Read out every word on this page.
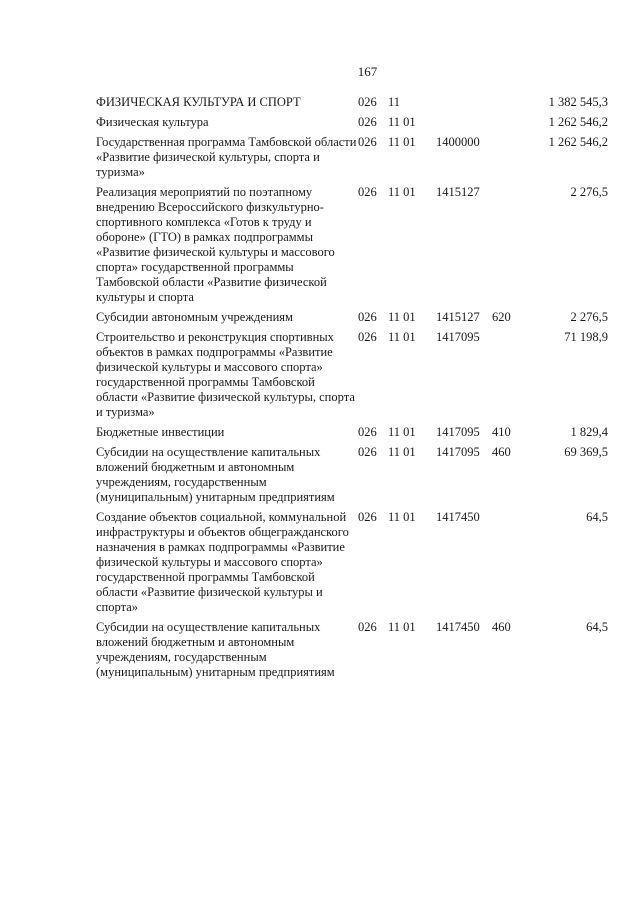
167
ФИЗИЧЕСКАЯ КУЛЬТУРА И СПОРТ	026	11			1 382 545,3
Физическая культура	026	11 01			1 262 546,2
Государственная программа Тамбовской области «Развитие физической культуры, спорта и туризма»	026	11 01	1400000		1 262 546,2
Реализация мероприятий по поэтапному внедрению Всероссийского физкультурно-спортивного комплекса «Готов к труду и обороне» (ГТО) в рамках подпрограммы «Развитие физической культуры и массового спорта» государственной программы Тамбовской области «Развитие физической культуры и спорта	026	11 01	1415127		2 276,5
Субсидии автономным учреждениям	026	11 01	1415127	620	2 276,5
Строительство и реконструкция спортивных объектов в рамках подпрограммы «Развитие физической культуры и массового спорта» государственной программы Тамбовской области «Развитие физической культуры, спорта и туризма»	026	11 01	1417095		71 198,9
Бюджетные инвестиции	026	11 01	1417095	410	1 829,4
Субсидии на осуществление капитальных вложений бюджетным и автономным учреждениям, государственным (муниципальным) унитарным предприятиям	026	11 01	1417095	460	69 369,5
Создание объектов социальной, коммунальной инфраструктуры и объектов общегражданского назначения в рамках подпрограммы «Развитие физической культуры и массового спорта» государственной программы Тамбовской области «Развитие физической культуры и спорта»	026	11 01	1417450		64,5
Субсидии на осуществление капитальных вложений бюджетным и автономным учреждениям, государственным (муниципальным) унитарным предприятиям	026	11 01	1417450	460	64,5
